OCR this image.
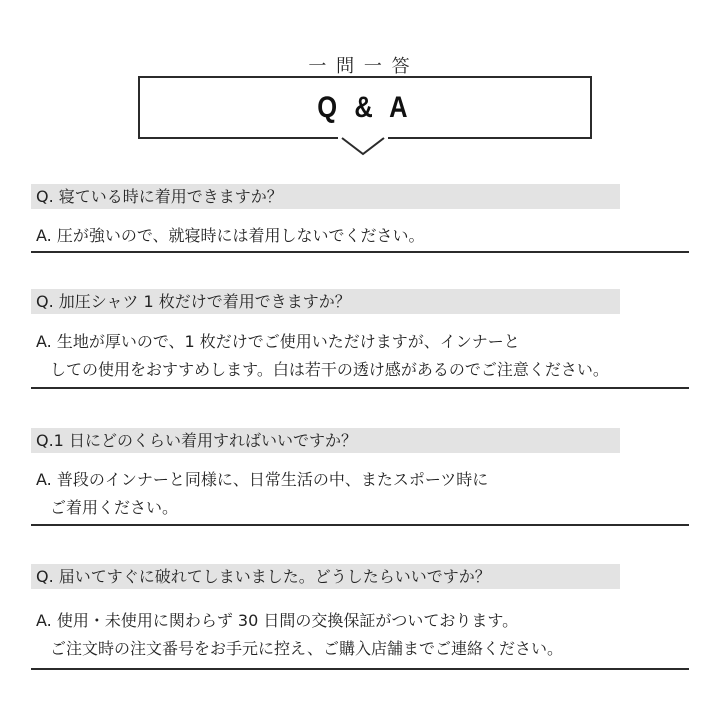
一 問 一 答
Q & A
Q. 寝ている時に着用できますか？
A. 圧が強いので、就寝時には着用しないでください。
Q. 加圧シャツ 1 枚だけで着用できますか？
A. 生地が厚いので、1 枚だけでご使用いただけますが、インナーと
しての使用をおすすめします。白は若干の透け感があるのでご注意ください。
Q.1 日にどのくらい着用すればいいですか？
A. 普段のインナーと同様に、日常生活の中、またスポーツ時に
ご着用ください。
Q. 届いてすぐに破れてしまいました。どうしたらいいですか？
A. 使用・未使用に関わらず 30 日間の交換保証がついております。
ご注文時の注文番号をお手元に控え、ご購入店舗までご連絡ください。
